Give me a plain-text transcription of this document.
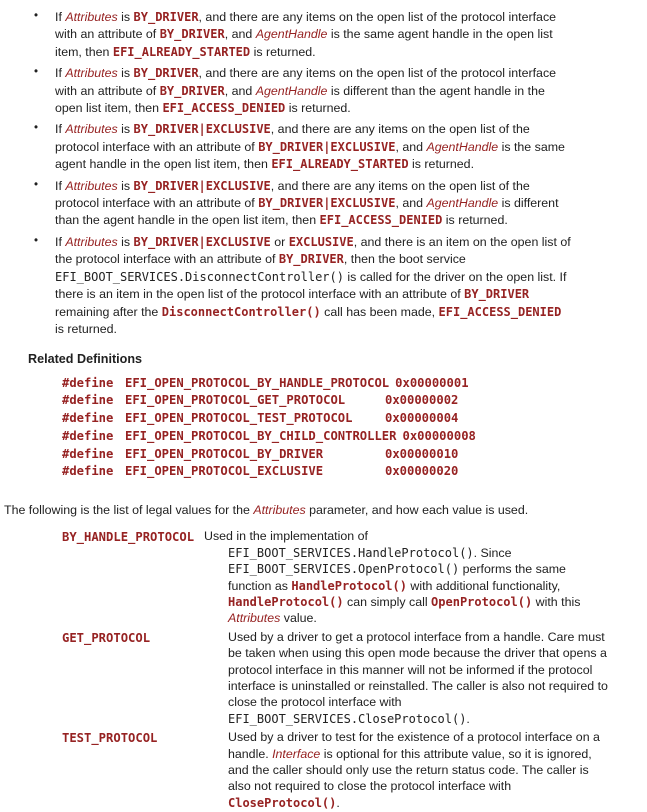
• If Attributes is BY_DRIVER, and there are any items on the open list of the protocol interface with an attribute of BY_DRIVER, and AgentHandle is the same agent handle in the open list item, then EFI_ALREADY_STARTED is returned.
• If Attributes is BY_DRIVER, and there are any items on the open list of the protocol interface with an attribute of BY_DRIVER, and AgentHandle is different than the agent handle in the open list item, then EFI_ACCESS_DENIED is returned.
• If Attributes is BY_DRIVER|EXCLUSIVE, and there are any items on the open list of the protocol interface with an attribute of BY_DRIVER|EXCLUSIVE, and AgentHandle is the same agent handle in the open list item, then EFI_ALREADY_STARTED is returned.
• If Attributes is BY_DRIVER|EXCLUSIVE, and there are any items on the open list of the protocol interface with an attribute of BY_DRIVER|EXCLUSIVE, and AgentHandle is different than the agent handle in the open list item, then EFI_ACCESS_DENIED is returned.
• If Attributes is BY_DRIVER|EXCLUSIVE or EXCLUSIVE, and there is an item on the open list of the protocol interface with an attribute of BY_DRIVER, then the boot service EFI_BOOT_SERVICES.DisconnectController() is called for the driver on the open list. If there is an item in the open list of the protocol interface with an attribute of BY_DRIVER remaining after the DisconnectController() call has been made, EFI_ACCESS_DENIED is returned.
Related Definitions
#define EFI_OPEN_PROTOCOL_BY_HANDLE_PROTOCOL 0x00000001
#define EFI_OPEN_PROTOCOL_GET_PROTOCOL	0x00000002
#define EFI_OPEN_PROTOCOL_TEST_PROTOCOL	0x00000004
#define EFI_OPEN_PROTOCOL_BY_CHILD_CONTROLLER 0x00000008
#define EFI_OPEN_PROTOCOL_BY_DRIVER	0x00000010
#define EFI_OPEN_PROTOCOL_EXCLUSIVE	0x00000020

The following is the list of legal values for the Attributes parameter, and how each value is used.

BY_HANDLE_PROTOCOL Used in the implementation of EFI_BOOT_SERVICES.HandleProtocol(). Since EFI_BOOT_SERVICES.OpenProtocol() performs the same function as HandleProtocol() with additional functionality, HandleProtocol() can simply call OpenProtocol() with this Attributes value.
GET_PROTOCOL	Used by a driver to get a protocol interface from a handle. Care must be taken when using this open mode because the driver that opens a protocol interface in this manner will not be informed if the protocol interface is uninstalled or reinstalled. The caller is also not required to close the protocol interface with EFI_BOOT_SERVICES.CloseProtocol().
TEST_PROTOCOL	Used by a driver to test for the existence of a protocol interface on a handle. Interface is optional for this attribute value, so it is ignored, and the caller should only use the return status code. The caller is also not required to close the protocol interface with CloseProtocol().
